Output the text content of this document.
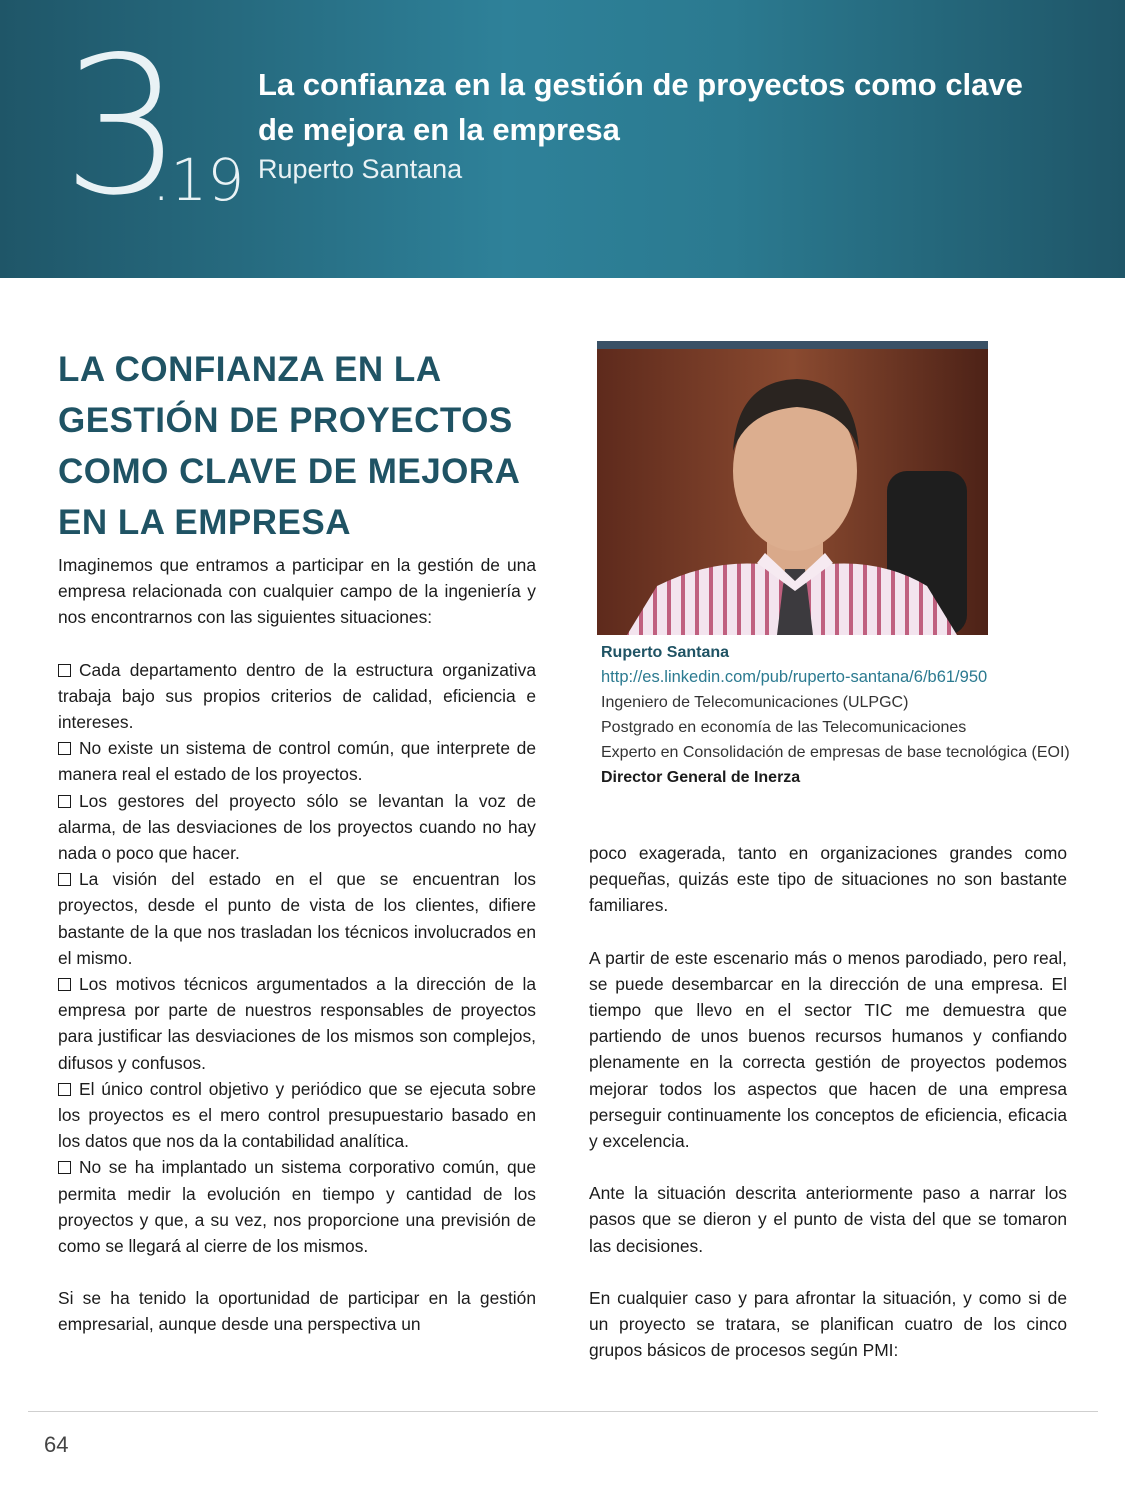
3
.19
La confianza en la gestión de proyectos como clave de mejora en la empresa
Ruperto Santana
LA CONFIANZA EN LA GESTIÓN DE PROYECTOS COMO CLAVE DE MEJORA EN LA EMPRESA

Imaginemos que entramos a participar en la gestión de una empresa relacionada con cualquier campo de la ingeniería y nos encontrarnos con las siguientes situaciones:

Cada departamento dentro de la estructura organizativa trabaja bajo sus propios criterios de calidad, eficiencia e intereses.

No existe un sistema de control común, que interprete de manera real el estado de los proyectos.

Los gestores del proyecto sólo se levantan la voz de alarma, de las desviaciones de los proyectos cuando no hay nada o poco que hacer.

La visión del estado en el que se encuentran los proyectos, desde el punto de vista de los clientes, difiere bastante de la que nos trasladan los técnicos involucrados en el mismo.

Los motivos técnicos argumentados a la dirección de la empresa por parte de nuestros responsables de proyectos para justificar las desviaciones de los mismos son complejos, difusos y confusos.

El único control objetivo y periódico que se ejecuta sobre los proyectos es el mero control presupuestario basado en los datos que nos da la contabilidad analítica.

No se ha implantado un sistema corporativo común, que permita medir la evolución en tiempo y cantidad de los proyectos y que, a su vez, nos proporcione una previsión de como se llegará al cierre de los mismos.

Si se ha tenido la oportunidad de participar en la gestión empresarial, aunque desde una perspectiva un

Ruperto Santana

http://es.linkedin.com/pub/ruperto-santana/6/b61/950

Ingeniero de Telecomunicaciones (ULPGC)

Postgrado en economía de las Telecomunicaciones

Experto en Consolidación de empresas de base tecnológica (EOI)

Director General de Inerza

poco exagerada, tanto en organizaciones grandes como pequeñas, quizás este tipo de situaciones no son bastante familiares.

A partir de este escenario más o menos parodiado, pero real, se puede desembarcar en la dirección de una empresa. El tiempo que llevo en el sector TIC me demuestra que partiendo de unos buenos recursos humanos y confiando plenamente en la correcta gestión de proyectos podemos mejorar todos los aspectos que hacen de una empresa perseguir continuamente los conceptos de eficiencia, eficacia y excelencia.

Ante la situación descrita anteriormente paso a narrar los pasos que se dieron y el punto de vista del que se tomaron las decisiones.

En cualquier caso y para afrontar la situación, y como si de un proyecto se tratara, se planifican cuatro de los cinco grupos básicos de procesos según PMI:

64
